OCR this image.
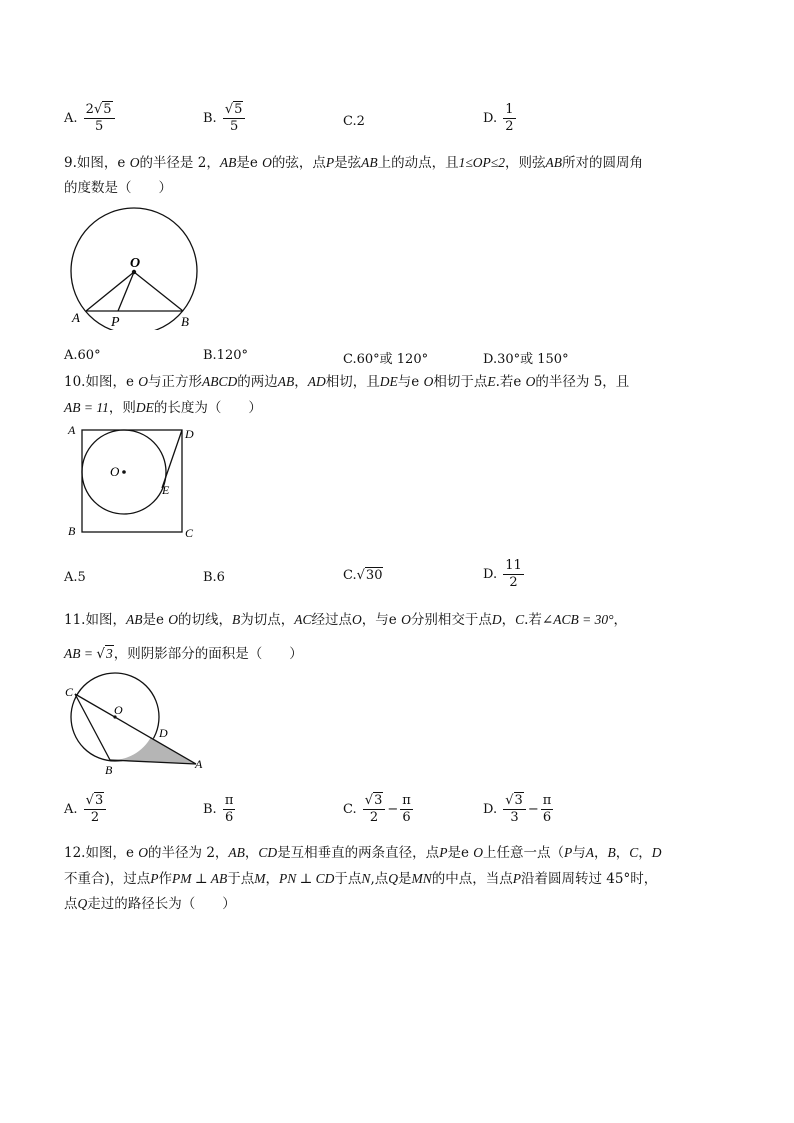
A. $\frac{2√5}{5}$	B. $\frac{√5}{5}$	C.2	D. $\frac{1}{2}$
9.如图，e O的半径是 2，AB是e O的弦，点P是弦AB上的动点，且1≤OP≤2，则弦AB所对的圆周角
的度数是（　　）
O
A P	B
A.60°	B.120°	C.60°或 120°	D.30°或 150°
10.如图，e O与正方形ABCD的两边AB，AD相切，且DE与e O相切于点E.若e O的半径为 5，且
AB = 11，则DE的长度为（　　）
A	D
O
E
B	C
A.5	B.6	C.√30	D. $\frac{11}{2}$
11.如图，AB是e O的切线，B为切点，AC经过点O，与e O分别相交于点D，C.若∠ACB = 30°，
AB = √3，则阴影部分的面积是（　　）
C
O
D
B	A
A. $\frac{√3}{2}$	B. $\frac{\pi}{6}$	C. $\frac{√3}{2} - \frac{\pi}{6}$	D. $\frac{√3}{3} - \frac{\pi}{6}$
12.如图，e O的半径为 2，AB，CD是互相垂直的两条直径，点P是e O上任意一点（P与A，B，C，D
不重合)，过点P作PM ⊥ AB于点M，PN ⊥ CD于点N,点Q是MN的中点，当点P沿着圆周转过 45°时，
点Q走过的路径长为（　　）
